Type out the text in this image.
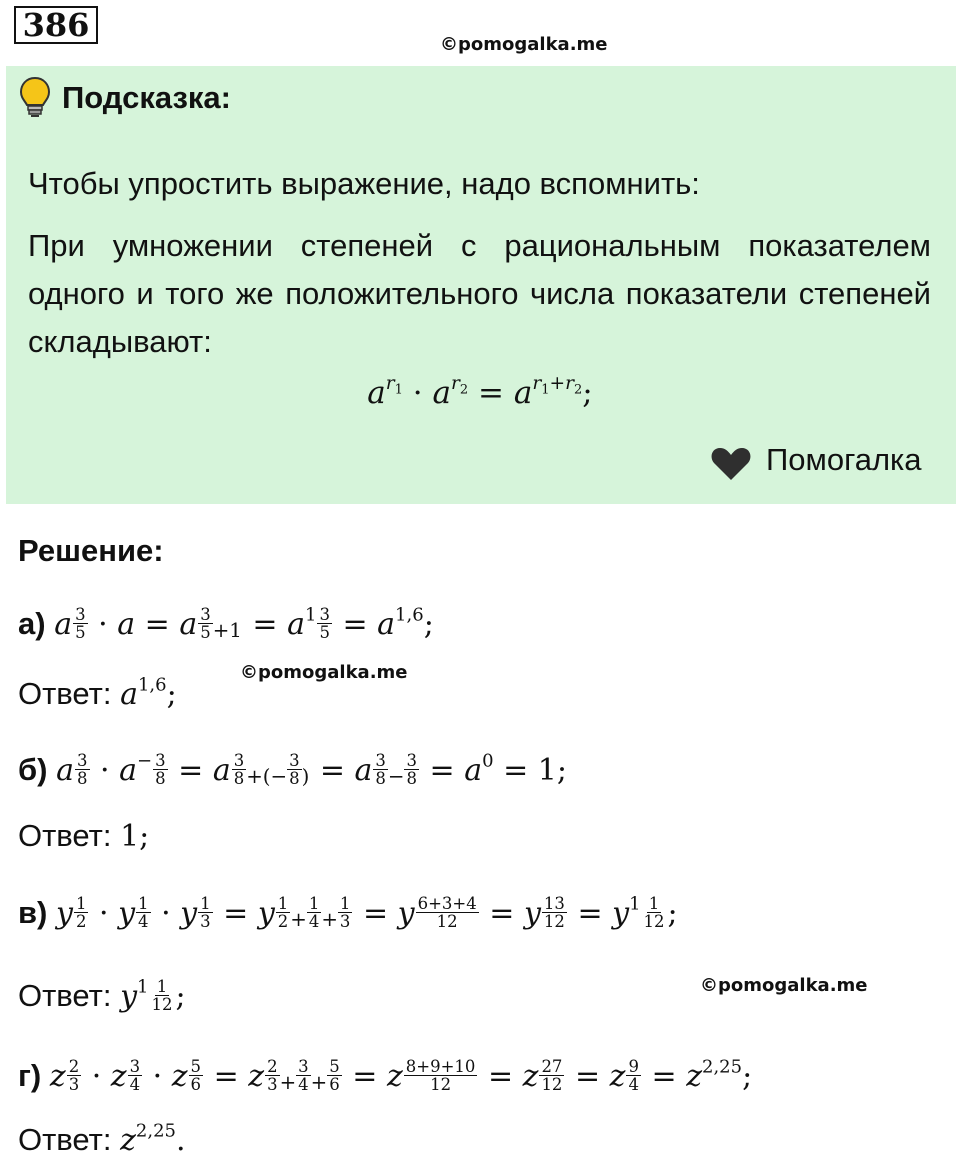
386
©pomogalka.me
Подсказка:
Чтобы упростить выражение, надо вспомнить:
При умножении степеней с рациональным показателем одного и того же положительного числа показатели степеней складывают:
$a^{r_1} \cdot a^{r_2} = a^{r_1+r_2}$;
Помогалка
Решение:
а) a $\frac{3}{5} \cdot a = a$ 3
$5 +1 = a^1 \frac{3}{5} = a^{1,6}$;
©pomogalka.me
Ответ: $a^{1,6}$;
б) a $\frac{3}{8} \cdot a^- \frac{3}{8} = a$ 3
8 +(− $\frac{3}{8}$ ) = a 3
$8 - \frac{3}{8} = a^0 = 1$;
Ответ: 1;
в) y $\frac{1}{2} \cdot y \frac{1}{4} \cdot y \frac{1}{3} = y$ 1
$2 + \frac{1}{4} + \frac{1}{3} = y \frac{6+3+4}{12} = y \frac{13}{12} = y^1 \frac{1}{12}$ ;
©pomogalka.me
Ответ: $y^1 \frac{1}{12}$ ;
г) z $\frac{2}{3} \cdot z \frac{3}{4} \cdot z \frac{5}{6} = z$ 2
$3 + \frac{3}{4} + \frac{5}{6} = z \frac{8+9+10}{12} = z \frac{27}{12} = z \frac{9}{4} = z^{2,25}$;
Ответ: $z^{2,25}$.
